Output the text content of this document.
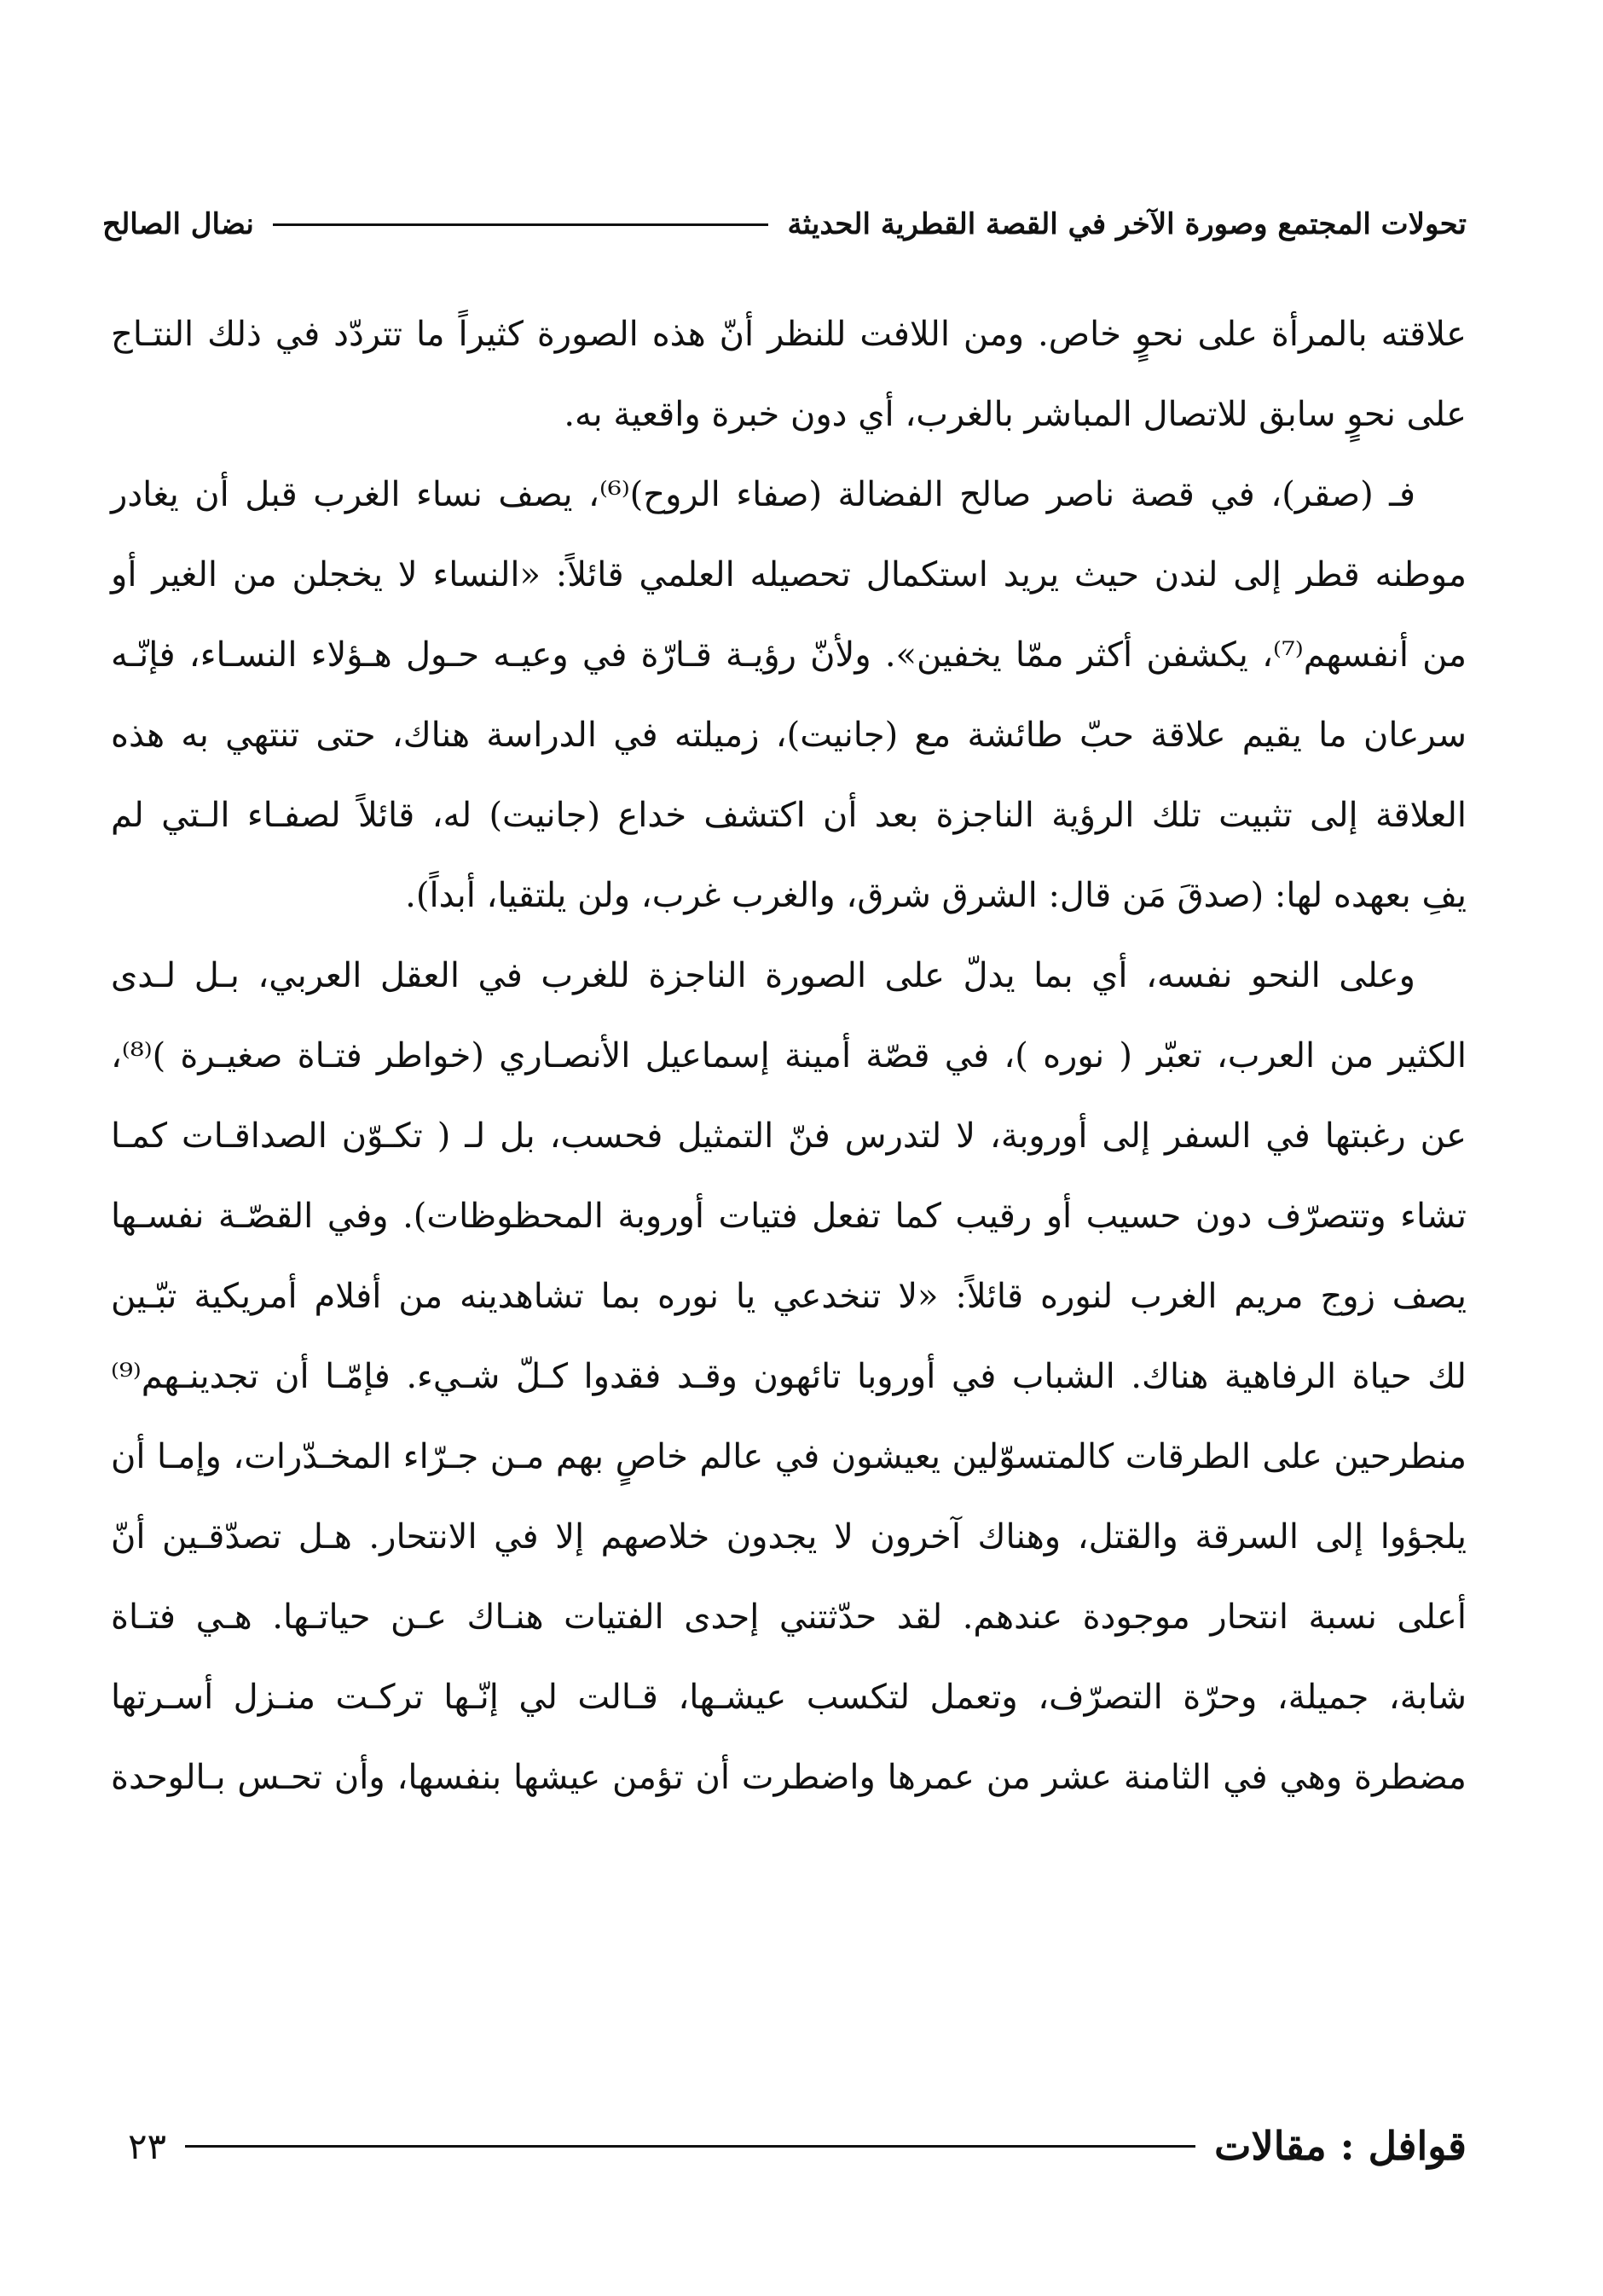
تحولات المجتمع وصورة الآخر في القصة القطرية الحديثة
نضال الصالح
علاقته بالمرأة على نحوٍ خاص. ومن اللافت للنظر أنّ هذه الصورة كثيراً ما تتردّد في ذلك النتـاج
على نحوٍ سابق للاتصال المباشر بالغرب، أي دون خبرة واقعية به.
فـ (صقر)، في قصة ناصر صالح الفضالة (صفاء الروح)⁽⁶⁾، يصف نساء الغرب قبل أن يغادر
موطنه قطر إلى لندن حيث يريد استكمال تحصيله العلمي قائلاً: «النساء لا يخجلن من الغير أو
من أنفسهم⁽⁷⁾، يكشفن أكثر ممّا يخفين». ولأنّ رؤيـة قـارّة في وعيـه حـول هـؤلاء النسـاء، فإنّـه
سرعان ما يقيم علاقة حبّ طائشة مع (جانيت)، زميلته في الدراسة هناك، حتى تنتهي به هذه
العلاقة إلى تثبيت تلك الرؤية الناجزة بعد أن اكتشف خداع (جانيت) له، قائلاً لصفـاء الـتي لم
يفِ بعهده لها: (صدقَ مَن قال: الشرق شرق، والغرب غرب، ولن يلتقيا، أبداً).
وعلى النحو نفسه، أي بما يدلّ على الصورة الناجزة للغرب في العقل العربي، بـل لـدى
الكثير من العرب، تعبّر ( نوره )، في قصّة أمينة إسماعيل الأنصـاري (خواطر فتـاة صغيـرة )⁽⁸⁾،
عن رغبتها في السفر إلى أوروبة، لا لتدرس فنّ التمثيل فحسب، بل لـ ( تكـوّن الصداقـات كمـا
تشاء وتتصرّف دون حسيب أو رقيب كما تفعل فتيات أوروبة المحظوظات). وفي القصّـة نفسـها
يصف زوج مريم الغرب لنوره قائلاً: «لا تنخدعي يا نوره بما تشاهدينه من أفلام أمريكية تبّـين
لك حياة الرفاهية هناك. الشباب في أوروبا تائهون وقـد فقدوا كـلّ شـيء. فإمّـا أن تجدينـهم⁽⁹⁾
منطرحين على الطرقات كالمتسوّلين يعيشون في عالم خاصٍ بهم مـن جـرّاء المخـدّرات، وإمـا أن
يلجؤوا إلى السرقة والقتل، وهناك آخرون لا يجدون خلاصهم إلا في الانتحار. هـل تصدّقـين أنّ
أعلى نسبة انتحار موجودة عندهم. لقد حدّثتني إحدى الفتيات هنـاك عـن حياتـها. هـي فتـاة
شابة، جميلة، وحرّة التصرّف، وتعمل لتكسب عيشـها، قـالت لي إنّـها تركـت منـزل أسـرتها
مضطرة وهي في الثامنة عشر من عمرها واضطرت أن تؤمن عيشها بنفسها، وأن تحـس بـالوحدة
قوافل : مقالات
٢٣
